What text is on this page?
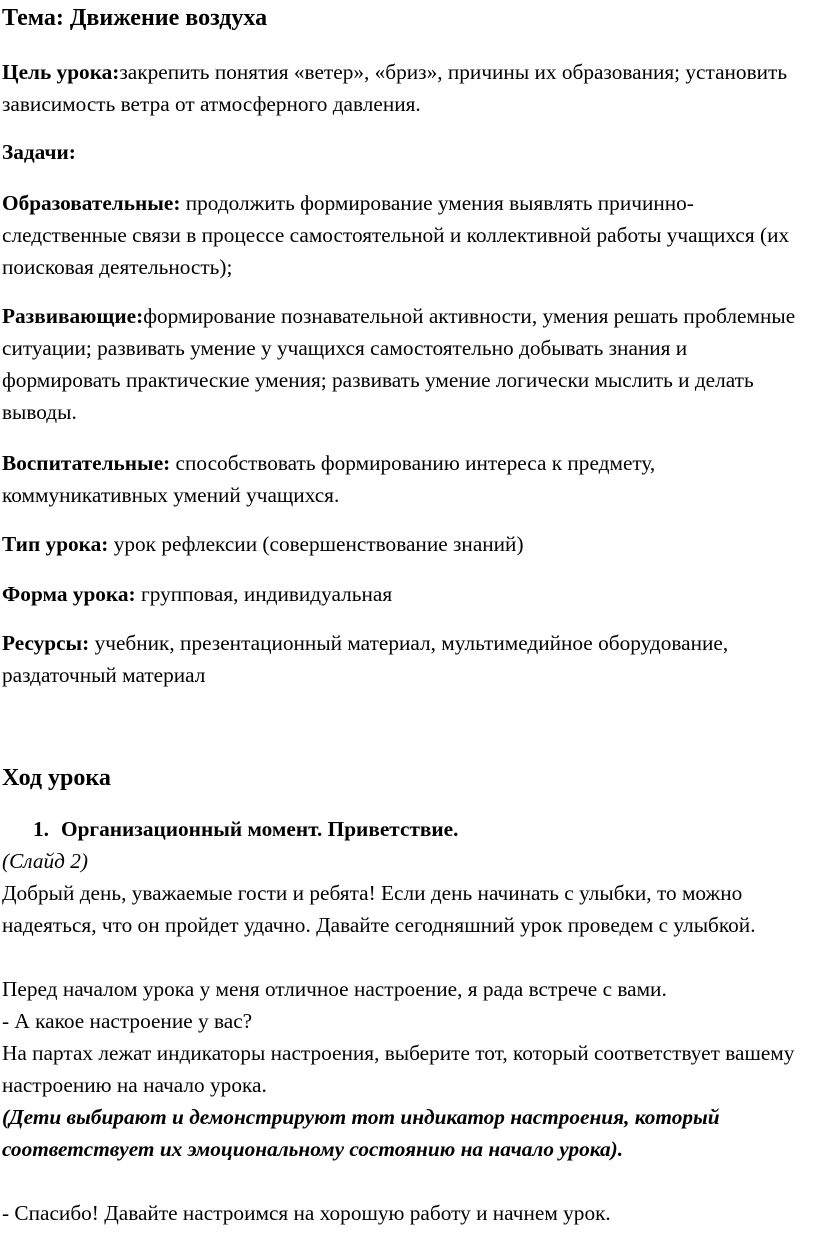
Тема: Движение воздуха

Цель урока:закрепить понятия «ветер», «бриз», причины их образования; установить зависимость ветра от атмосферного давления.

Задачи:

Образовательные: продолжить формирование умения выявлять причинно-следственные связи в процессе самостоятельной и коллективной работы учащихся (их поисковая деятельность);

Развивающие:формирование познавательной активности, умения решать проблемные ситуации; развивать умение у учащихся самостоятельно добывать знания и формировать практические умения; развивать умение логически мыслить и делать выводы.

Воспитательные: способствовать формированию интереса к предмету, коммуникативных умений учащихся.

Тип урока: урок рефлексии (совершенствование знаний)

Форма урока: групповая, индивидуальная

Ресурсы: учебник, презентационный материал, мультимедийное оборудование, раздаточный материал

Ход урока
1. Организационный момент. Приветствие.
(Слайд 2)

Добрый день, уважаемые гости и ребята! Если день начинать с улыбки, то можно надеяться, что он пройдет удачно. Давайте сегодняшний урок проведем с улыбкой.

Перед началом урока у меня отличное настроение, я рада встрече с вами.

- А какое настроение у вас?

На партах лежат индикаторы настроения, выберите тот, который соответствует вашему настроению на начало урока.

(Дети выбирают и демонстрируют тот индикатор настроения, который соответствует их эмоциональному состоянию на начало урока).

- Спасибо! Давайте настроимся на хорошую работу и начнем урок.
